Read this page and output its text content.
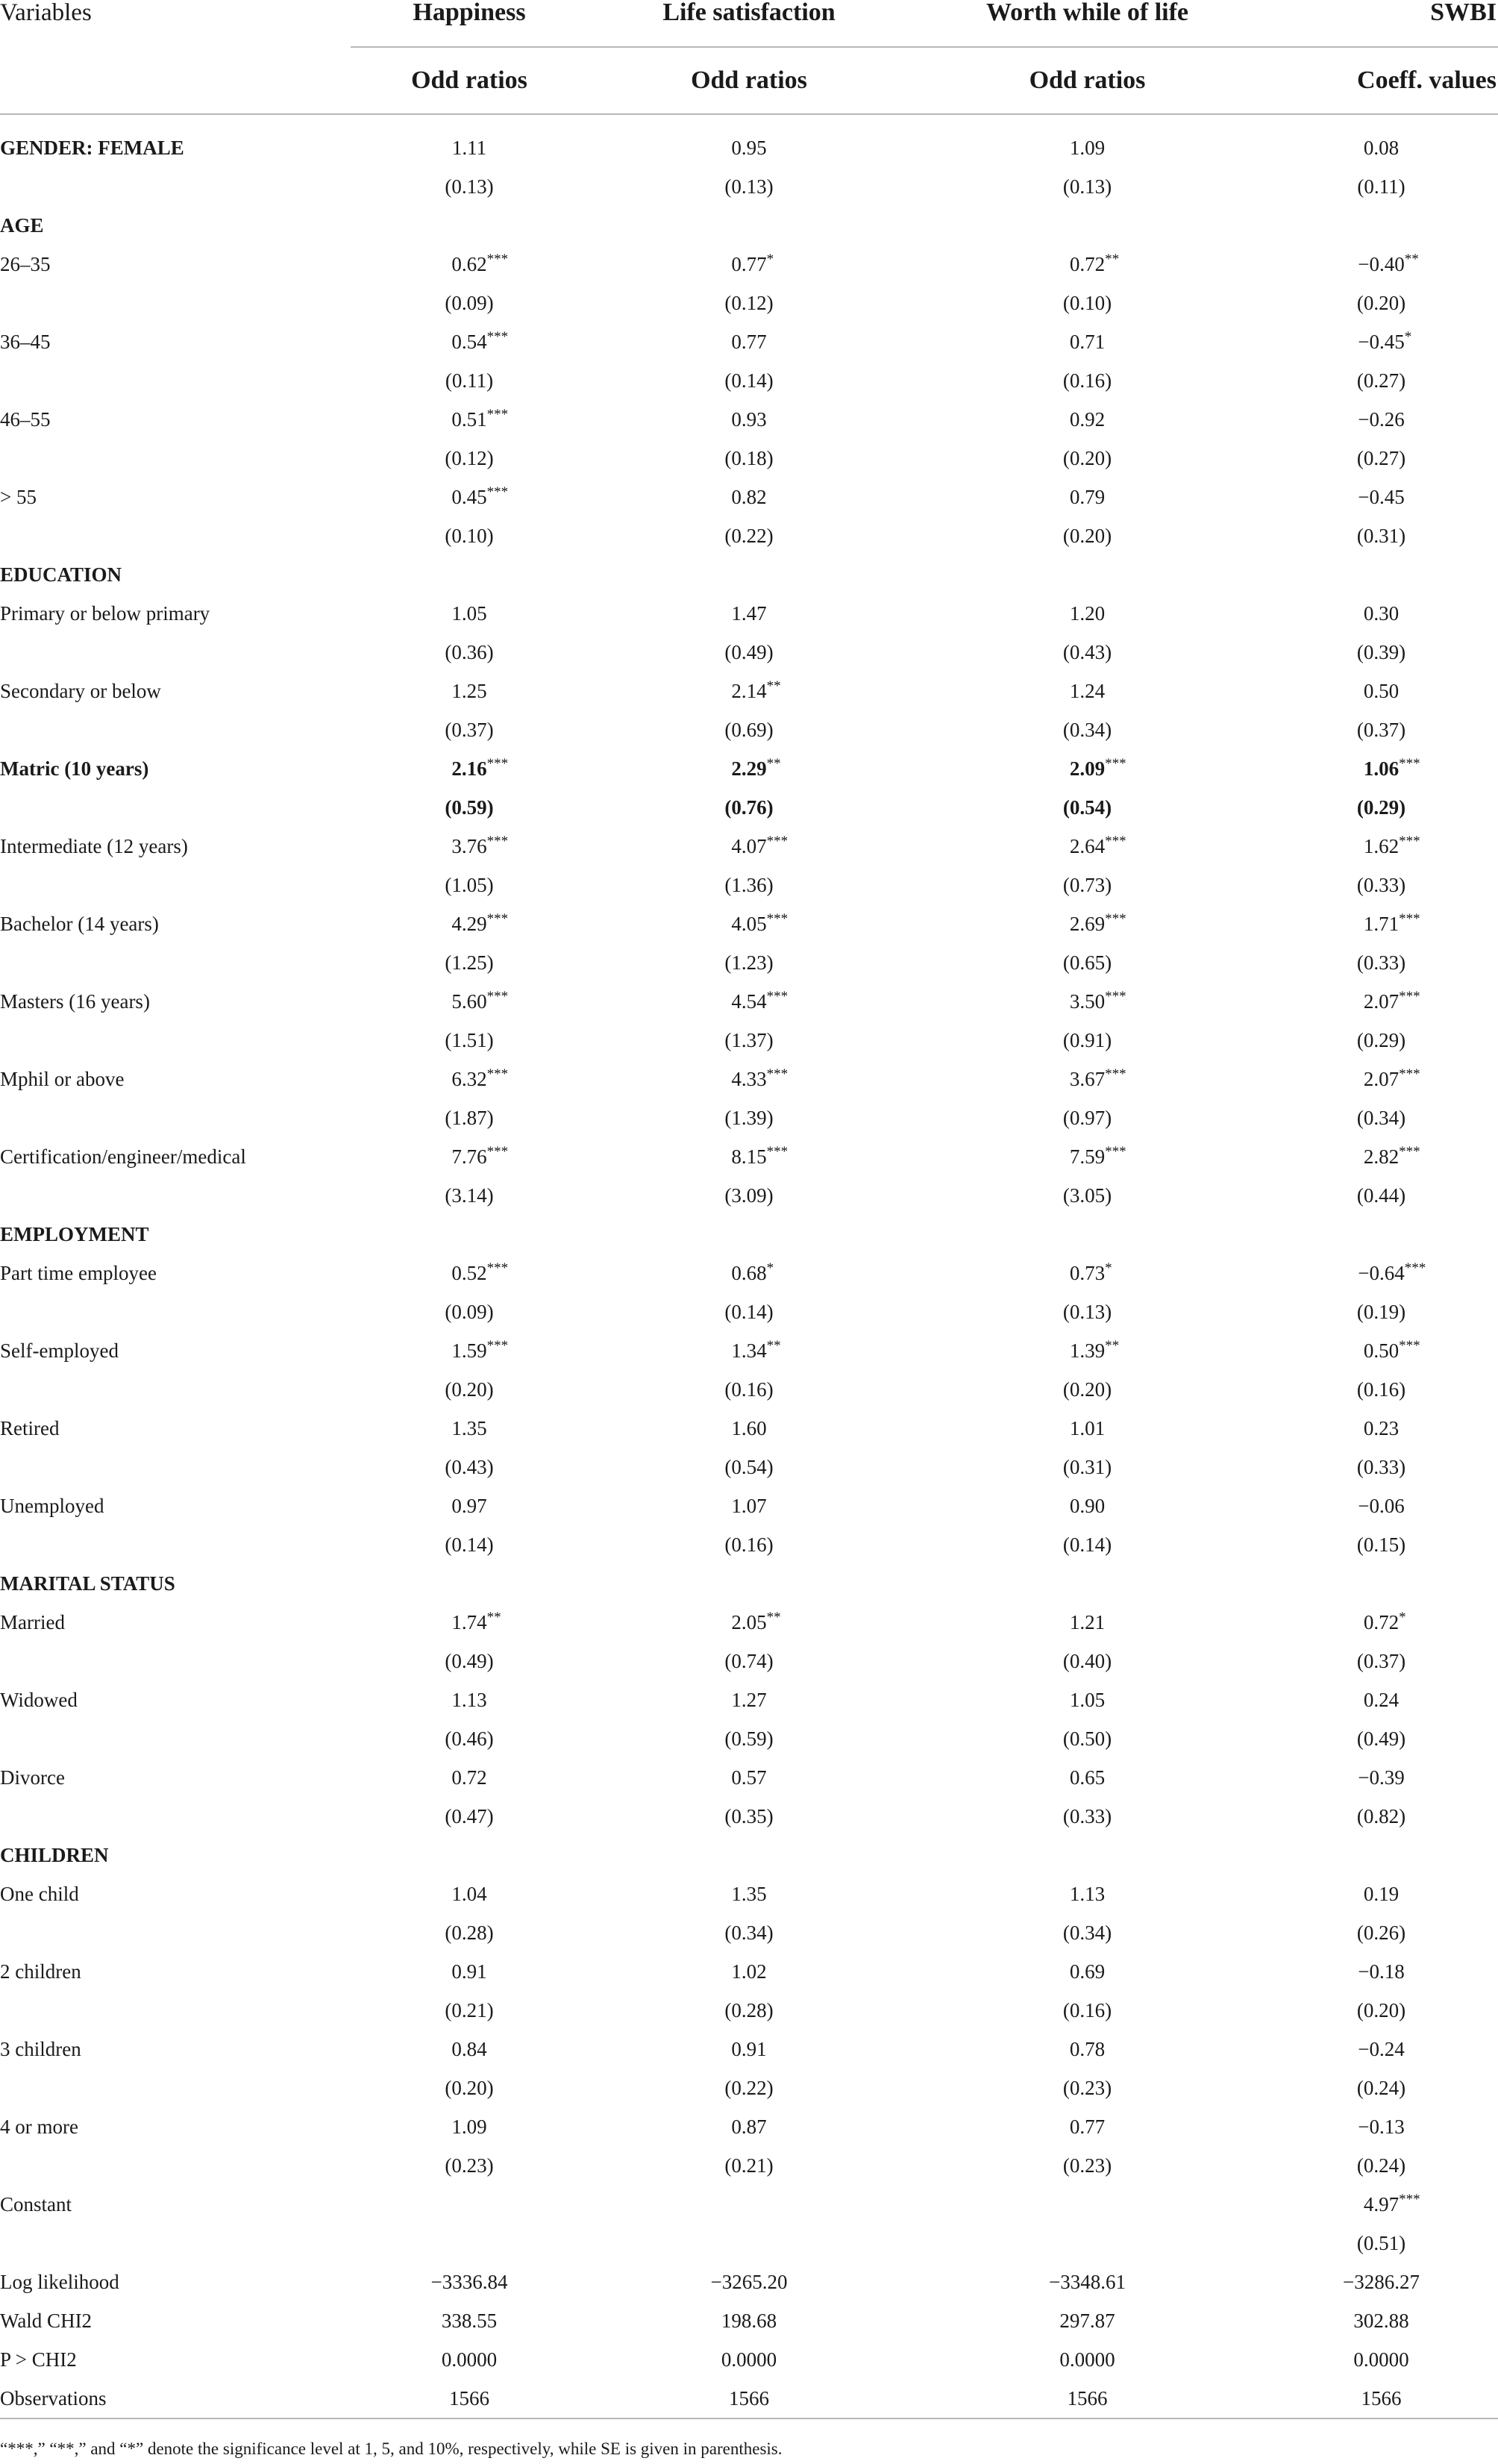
Variables	Happiness	Life satisfaction	Worth while of life	SWBI
	Odd ratios	Odd ratios	Odd ratios	Coeff. values
GENDER: FEMALE	1.11	0.95	1.09	0.08
	(0.13)	(0.13)	(0.13)	(0.11)
AGE				
26–35	0.62 ***	0.77 *	0.72 **	−0.40 **

	(0.09)	(0.12)	(0.10)	(0.20)
36–45	0.54 ***	0.77	0.71	−0.45 *

	(0.11)	(0.14)	(0.16)	(0.27)
46–55	0.51 ***	0.93	0.92	−0.26
	(0.12)	(0.18)	(0.20)	(0.27)
> 55	0.45 ***	0.82	0.79	−0.45
	(0.10)	(0.22)	(0.20)	(0.31)
EDUCATION				
Primary or below primary	1.05	1.47	1.20	0.30
	(0.36)	(0.49)	(0.43)	(0.39)
Secondary or below	1.25	2.14 **	1.24	0.50
	(0.37)	(0.69)	(0.34)	(0.37)
Matric (10 years)	2.16 ***	2.29 **	2.09 ***	1.06 ***

	(0.59)	(0.76)	(0.54)	(0.29)
Intermediate (12 years)	3.76 ***	4.07 ***	2.64 ***	1.62 ***

	(1.05)	(1.36)	(0.73)	(0.33)
Bachelor (14 years)	4.29 ***	4.05 ***	2.69 ***	1.71 ***

	(1.25)	(1.23)	(0.65)	(0.33)
Masters (16 years)	5.60 ***	4.54 ***	3.50 ***	2.07 ***

	(1.51)	(1.37)	(0.91)	(0.29)
Mphil or above	6.32 ***	4.33 ***	3.67 ***	2.07 ***

	(1.87)	(1.39)	(0.97)	(0.34)
Certification/engineer/medical	7.76 ***	8.15 ***	7.59 ***	2.82 ***

	(3.14)	(3.09)	(3.05)	(0.44)
EMPLOYMENT				
Part time employee	0.52 ***	0.68 *	0.73 *	−0.64 ***

	(0.09)	(0.14)	(0.13)	(0.19)
Self-employed	1.59 ***	1.34 **	1.39 **	0.50 ***

	(0.20)	(0.16)	(0.20)	(0.16)
Retired	1.35	1.60	1.01	0.23
	(0.43)	(0.54)	(0.31)	(0.33)
Unemployed	0.97	1.07	0.90	−0.06
	(0.14)	(0.16)	(0.14)	(0.15)
MARITAL STATUS				
Married	1.74 **	2.05 **	1.21	0.72 *

	(0.49)	(0.74)	(0.40)	(0.37)
Widowed	1.13	1.27	1.05	0.24
	(0.46)	(0.59)	(0.50)	(0.49)
Divorce	0.72	0.57	0.65	−0.39
	(0.47)	(0.35)	(0.33)	(0.82)
CHILDREN				
One child	1.04	1.35	1.13	0.19
	(0.28)	(0.34)	(0.34)	(0.26)
2 children	0.91	1.02	0.69	−0.18
	(0.21)	(0.28)	(0.16)	(0.20)
3 children	0.84	0.91	0.78	−0.24
	(0.20)	(0.22)	(0.23)	(0.24)
4 or more	1.09	0.87	0.77	−0.13
	(0.23)	(0.21)	(0.23)	(0.24)
Constant				4.97 ***

				(0.51)
Log likelihood	−3336.84	−3265.20	−3348.61	−3286.27
Wald CHI2	338.55	198.68	297.87	302.88
P > CHI2	0.0000	0.0000	0.0000	0.0000
Observations	1566	1566	1566	1566
“***,” “**,” and “*” denote the significance level at 1, 5, and 10%, respectively, while SE is given in parenthesis.
